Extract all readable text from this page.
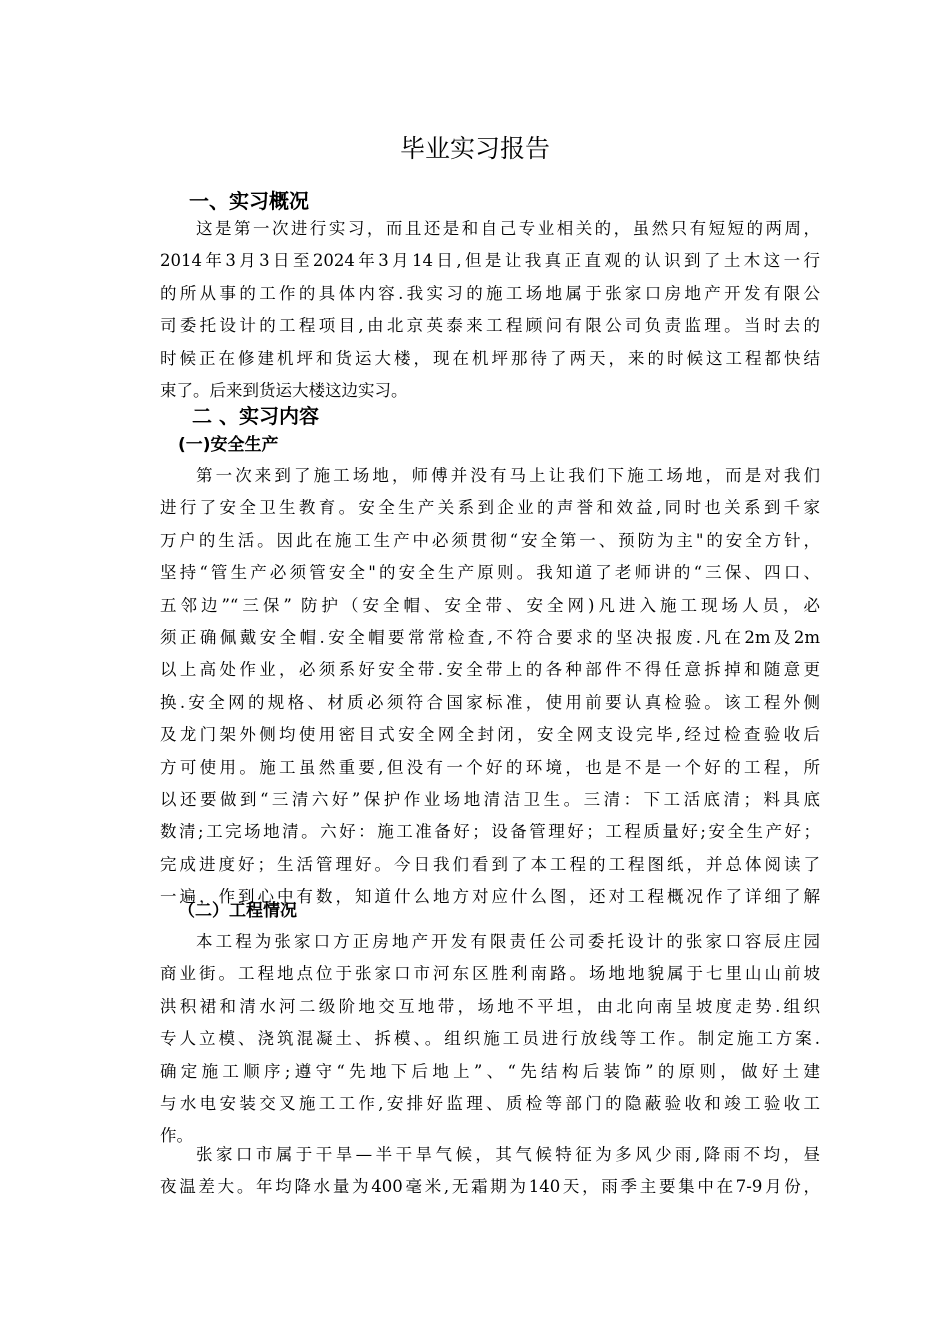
毕业实习报告
一、实习概况
这是第一次进行实习，而且还是和自己专业相关的，虽然只有短短的两周，
2014年3月3日至2024年3月14日,但是让我真正直观的认识到了土木这一行
的所从事的工作的具体内容.我实习的施工场地属于张家口房地产开发有限公
司委托设计的工程项目,由北京英泰来工程顾问有限公司负责监理。当时去的
时候正在修建机坪和货运大楼，现在机坪那待了两天，来的时候这工程都快结
束了。后来到货运大楼这边实习。
二 、实习内容
(一)安全生产
第一次来到了施工场地，师傅并没有马上让我们下施工场地，而是对我们
进行了安全卫生教育。安全生产关系到企业的声誉和效益,同时也关系到千家
万户的生活。因此在施工生产中必须贯彻“安全第一、预防为主"的安全方针，
坚持“管生产必须管安全"的安全生产原则。我知道了老师讲的“三保、四口、
五邻边”“三保” 防护（安全帽、安全带、安全网)凡进入施工现场人员，必
须正确佩戴安全帽.安全帽要常常检查,不符合要求的坚决报废.凡在2m及2m
以上高处作业，必须系好安全带.安全带上的各种部件不得任意拆掉和随意更
换.安全网的规格、材质必须符合国家标准，使用前要认真检验。该工程外侧
及龙门架外侧均使用密目式安全网全封闭，安全网支设完毕,经过检查验收后
方可使用。施工虽然重要,但没有一个好的环境，也是不是一个好的工程，所
以还要做到“三清六好”保护作业场地清洁卫生。三清：下工活底清；料具底
数清;工完场地清。六好：施工准备好；设备管理好；工程质量好;安全生产好；
完成进度好；生活管理好。今日我们看到了本工程的工程图纸，并总体阅读了
一遍，作到心中有数，知道什么地方对应什么图，还对工程概况作了详细了解
（二）工程情况
本工程为张家口方正房地产开发有限责任公司委托设计的张家口容辰庄园
商业街。工程地点位于张家口市河东区胜利南路。场地地貌属于七里山山前坡
洪积裙和清水河二级阶地交互地带，场地不平坦，由北向南呈坡度走势.组织
专人立模、浇筑混凝土、拆模、。组织施工员进行放线等工作。制定施工方案.
确定施工顺序;遵守“先地下后地上”、“先结构后装饰”的原则，做好土建
与水电安装交叉施工工作,安排好监理、质检等部门的隐蔽验收和竣工验收工
作。
张家口市属于干旱—半干旱气候，其气候特征为多风少雨,降雨不均，昼
夜温差大。年均降水量为400毫米,无霜期为140天，雨季主要集中在7-9月份，
